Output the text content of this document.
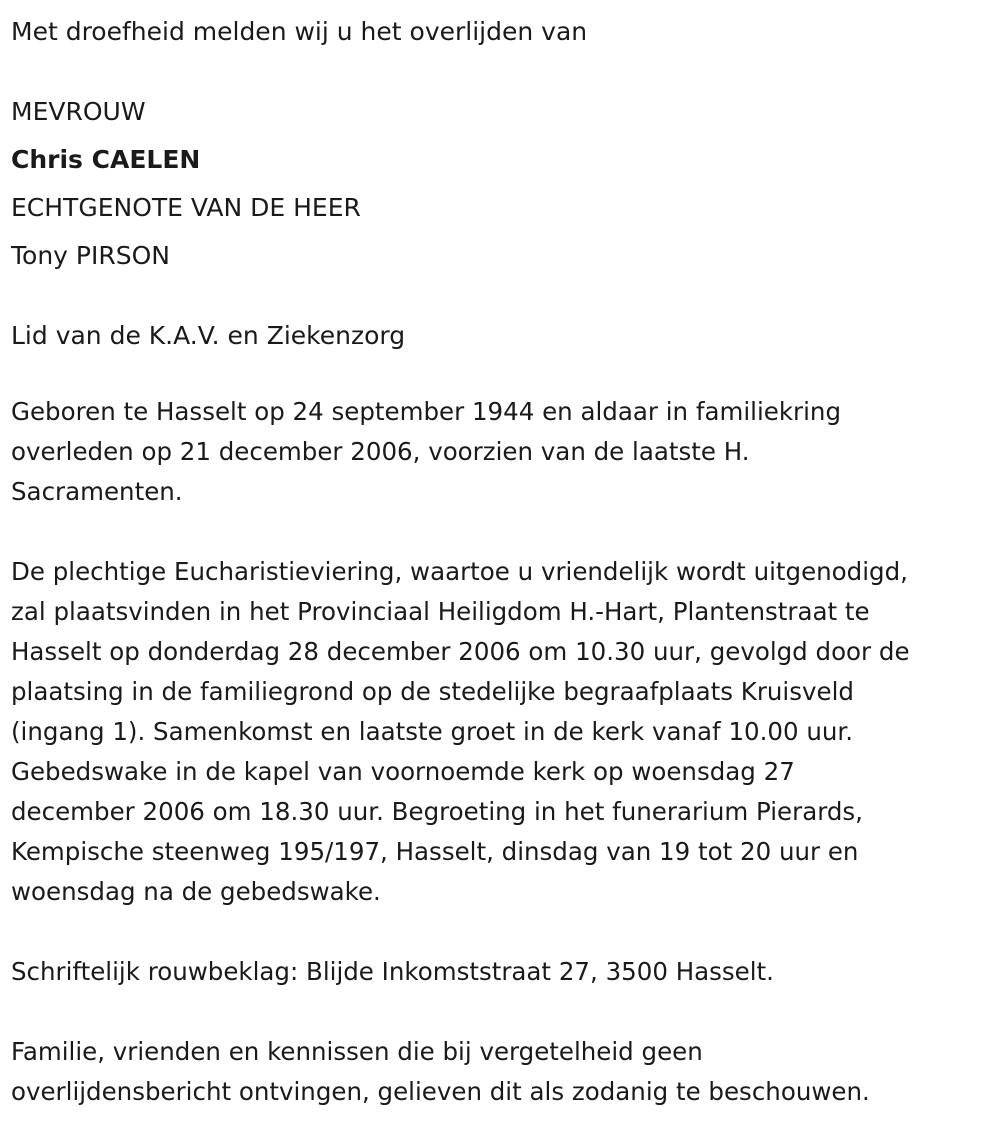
Met droefheid melden wij u het overlijden van

MEVROUW

Chris CAELEN

ECHTGENOTE VAN DE HEER

Tony PIRSON

Lid van de K.A.V. en Ziekenzorg

Geboren te Hasselt op 24 september 1944 en aldaar in familiekring

overleden op 21 december 2006, voorzien van de laatste H.

Sacramenten.

De plechtige Eucharistieviering, waartoe u vriendelijk wordt uitgenodigd,

zal plaatsvinden in het Provinciaal Heiligdom H.-Hart, Plantenstraat te

Hasselt op donderdag 28 december 2006 om 10.30 uur, gevolgd door de

plaatsing in de familiegrond op de stedelijke begraafplaats Kruisveld

(ingang 1). Samenkomst en laatste groet in de kerk vanaf 10.00 uur.

Gebedswake in de kapel van voornoemde kerk op woensdag 27

december 2006 om 18.30 uur. Begroeting in het funerarium Pierards,

Kempische steenweg 195/197, Hasselt, dinsdag van 19 tot 20 uur en

woensdag na de gebedswake.

Schriftelijk rouwbeklag: Blijde Inkomststraat 27, 3500 Hasselt.

Familie, vrienden en kennissen die bij vergetelheid geen

overlijdensbericht ontvingen, gelieven dit als zodanig te beschouwen.
